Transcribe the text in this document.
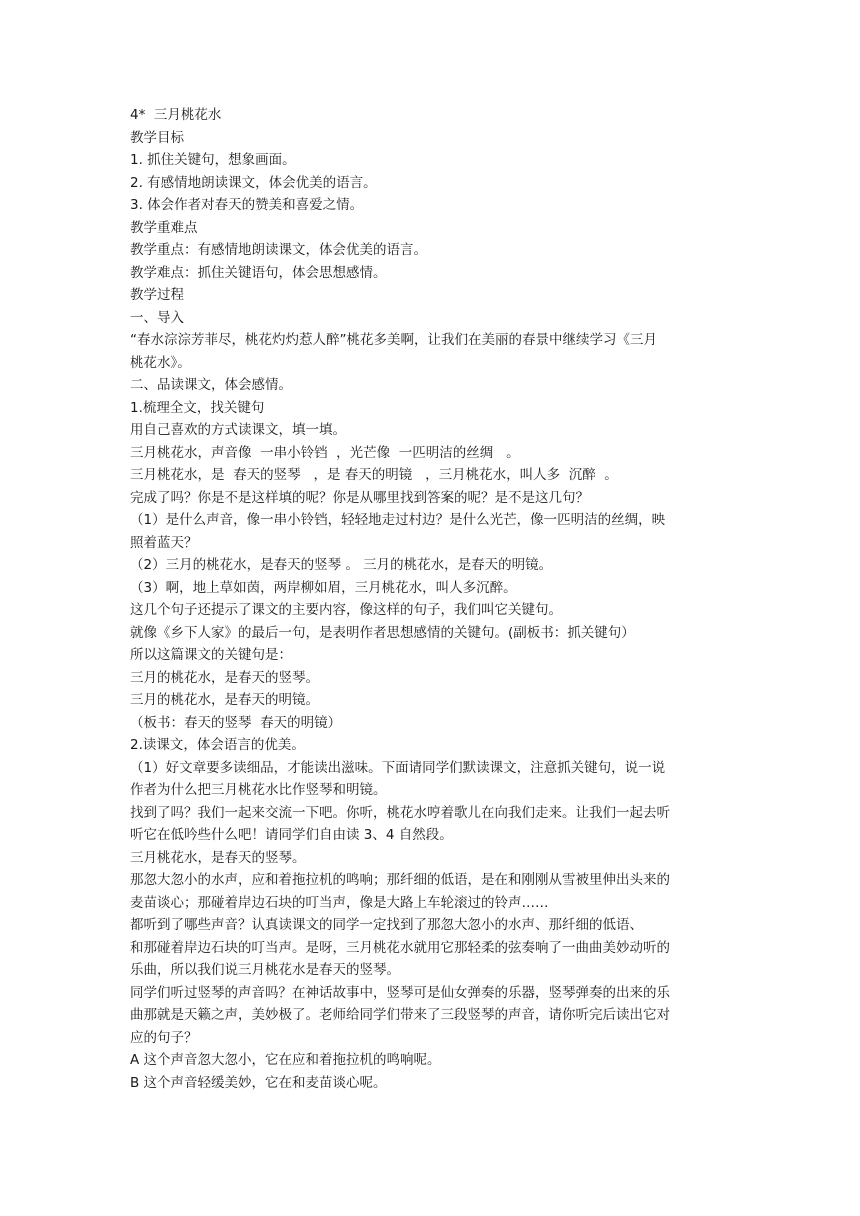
4*  三月桃花水

教学目标

1. 抓住关键句，想象画面。

2. 有感情地朗读课文，体会优美的语言。

3. 体会作者对春天的赞美和喜爱之情。

教学重难点

教学重点：有感情地朗读课文，体会优美的语言。

教学难点：抓住关键语句，体会思想感情。

教学过程

一、导入

“春水淙淙芳菲尽，桃花灼灼惹人醉”桃花多美啊，让我们在美丽的春景中继续学习《三月

桃花水》。

二、品读课文，体会感情。

1.梳理全文，找关键句

用自己喜欢的方式读课文，填一填。

三月桃花水，声音像  一串小铃铛  ，光芒像  一匹明洁的丝绸   。

三月桃花水，是  春天的竖琴   ，是 春天的明镜   ，三月桃花水，叫人多  沉醉  。

完成了吗？你是不是这样填的呢？你是从哪里找到答案的呢？是不是这几句？

（1）是什么声音，像一串小铃铛，轻轻地走过村边？是什么光芒，像一匹明洁的丝绸，映

照着蓝天？

（2）三月的桃花水，是春天的竖琴 。 三月的桃花水，是春天的明镜。

（3）啊，地上草如茵，两岸柳如眉，三月桃花水，叫人多沉醉。

这几个句子还提示了课文的主要内容，像这样的句子，我们叫它关键句。

就像《乡下人家》的最后一句，是表明作者思想感情的关键句。(副板书：抓关键句）

所以这篇课文的关键句是：

三月的桃花水，是春天的竖琴。

三月的桃花水，是春天的明镜。

（板书：春天的竖琴  春天的明镜）

2.读课文，体会语言的优美。

（1）好文章要多读细品，才能读出滋味。下面请同学们默读课文，注意抓关键句，说一说

作者为什么把三月桃花水比作竖琴和明镜。

找到了吗？我们一起来交流一下吧。你听，桃花水哼着歌儿在向我们走来。让我们一起去听

听它在低吟些什么吧！请同学们自由读 3、4 自然段。

三月桃花水，是春天的竖琴。

那忽大忽小的水声，应和着拖拉机的鸣响；那纤细的低语，是在和刚刚从雪被里伸出头来的

麦苗谈心；那碰着岸边石块的叮当声，像是大路上车轮滚过的铃声……

都听到了哪些声音？认真读课文的同学一定找到了那忽大忽小的水声、那纤细的低语、

和那碰着岸边石块的叮当声。是呀，三月桃花水就用它那轻柔的弦奏响了一曲曲美妙动听的

乐曲，所以我们说三月桃花水是春天的竖琴。

同学们听过竖琴的声音吗？在神话故事中，竖琴可是仙女弹奏的乐器，竖琴弹奏的出来的乐

曲那就是天籁之声，美妙极了。老师给同学们带来了三段竖琴的声音，请你听完后读出它对

应的句子？

A 这个声音忽大忽小，它在应和着拖拉机的鸣响呢。

B 这个声音轻缓美妙，它在和麦苗谈心呢。
